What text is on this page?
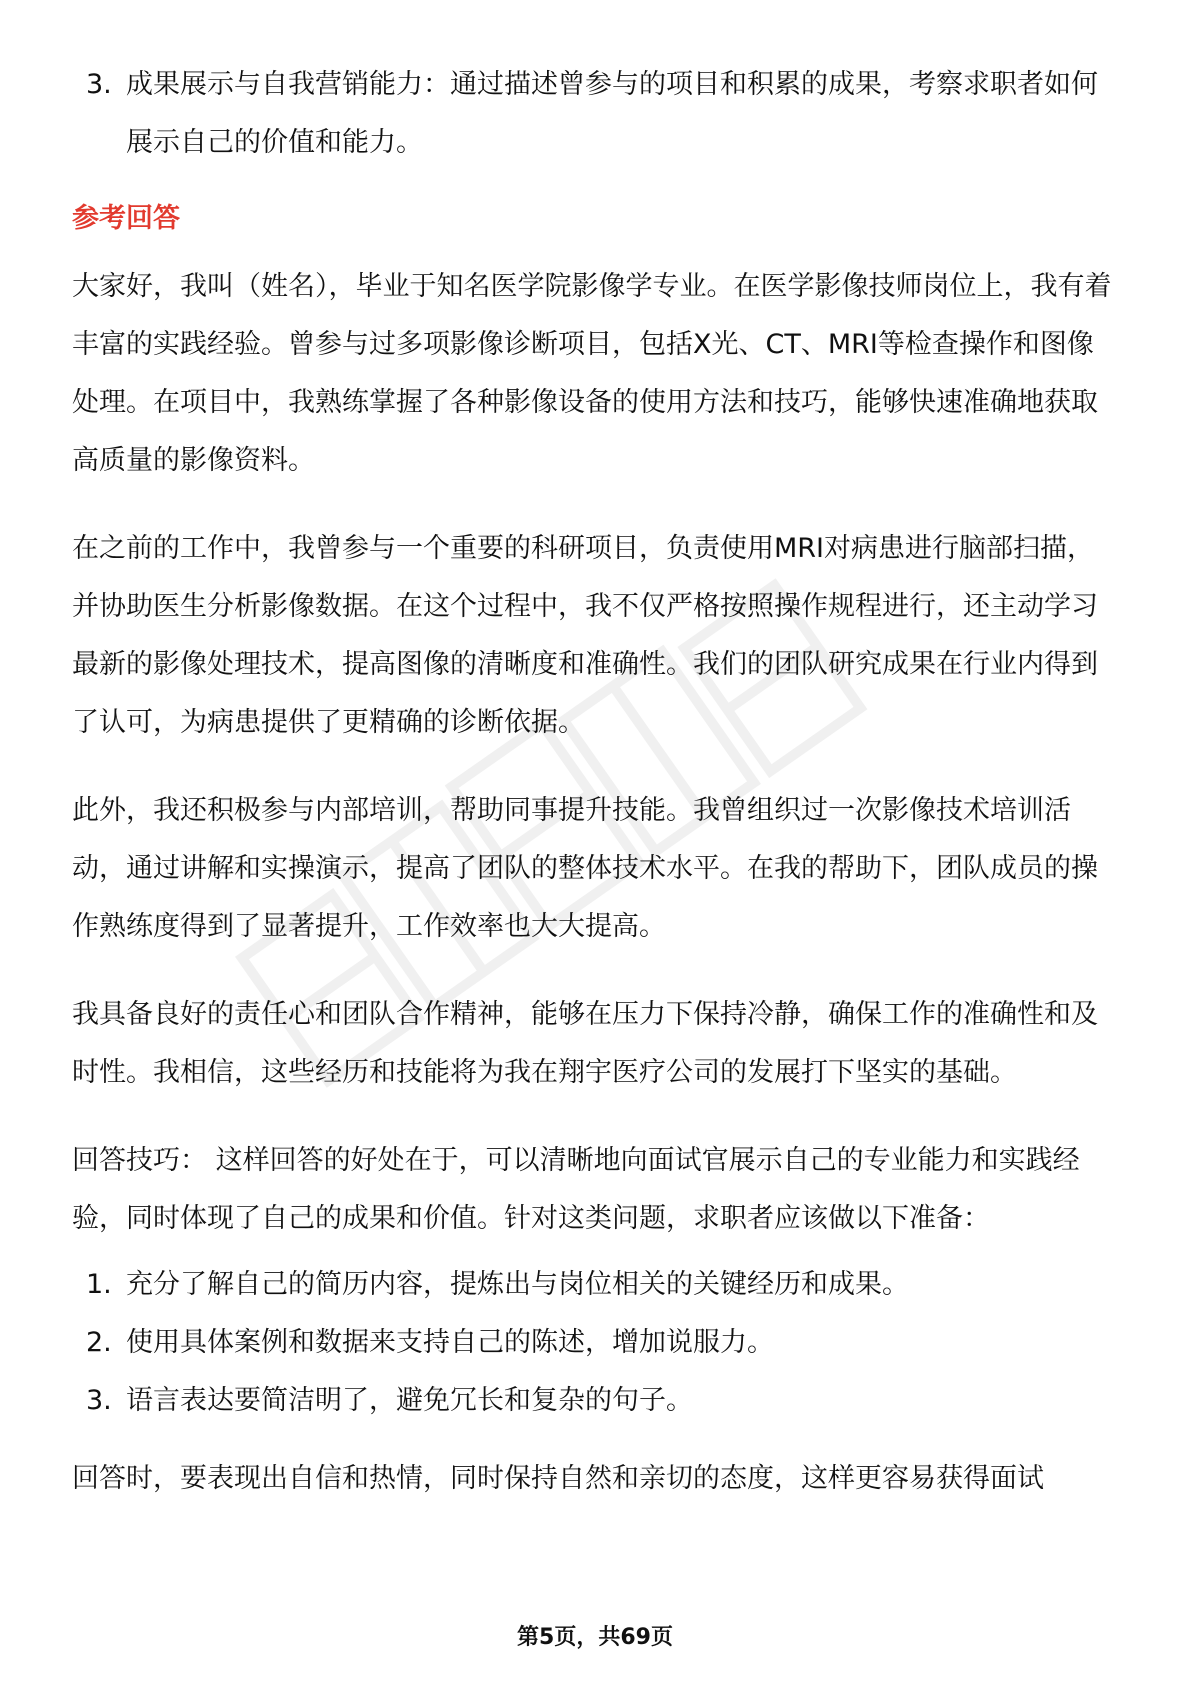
3. 成果展示与自我营销能力：通过描述曾参与的项目和积累的成果，考察求职者如何展示自己的价值和能力。
参考回答

大家好，我叫（姓名），毕业于知名医学院影像学专业。在医学影像技师岗位上，我有着丰富的实践经验。曾参与过多项影像诊断项目，包括X光、CT、MRI等检查操作和图像处理。在项目中，我熟练掌握了各种影像设备的使用方法和技巧，能够快速准确地获取高质量的影像资料。

在之前的工作中，我曾参与一个重要的科研项目，负责使用MRI对病患进行脑部扫描，并协助医生分析影像数据。在这个过程中，我不仅严格按照操作规程进行，还主动学习最新的影像处理技术，提高图像的清晰度和准确性。我们的团队研究成果在行业内得到了认可，为病患提供了更精确的诊断依据。

此外，我还积极参与内部培训，帮助同事提升技能。我曾组织过一次影像技术培训活动，通过讲解和实操演示，提高了团队的整体技术水平。在我的帮助下，团队成员的操作熟练度得到了显著提升，工作效率也大大提高。

我具备良好的责任心和团队合作精神，能够在压力下保持冷静，确保工作的准确性和及时性。我相信，这些经历和技能将为我在翔宇医疗公司的发展打下坚实的基础。

回答技巧： 这样回答的好处在于，可以清晰地向面试官展示自己的专业能力和实践经验，同时体现了自己的成果和价值。针对这类问题，求职者应该做以下准备：

1. 充分了解自己的简历内容，提炼出与岗位相关的关键经历和成果。
2. 使用具体案例和数据来支持自己的陈述，增加说服力。
3. 语言表达要简洁明了，避免冗长和复杂的句子。

回答时，要表现出自信和热情，同时保持自然和亲切的态度，这样更容易获得面试

第5页，共69页
